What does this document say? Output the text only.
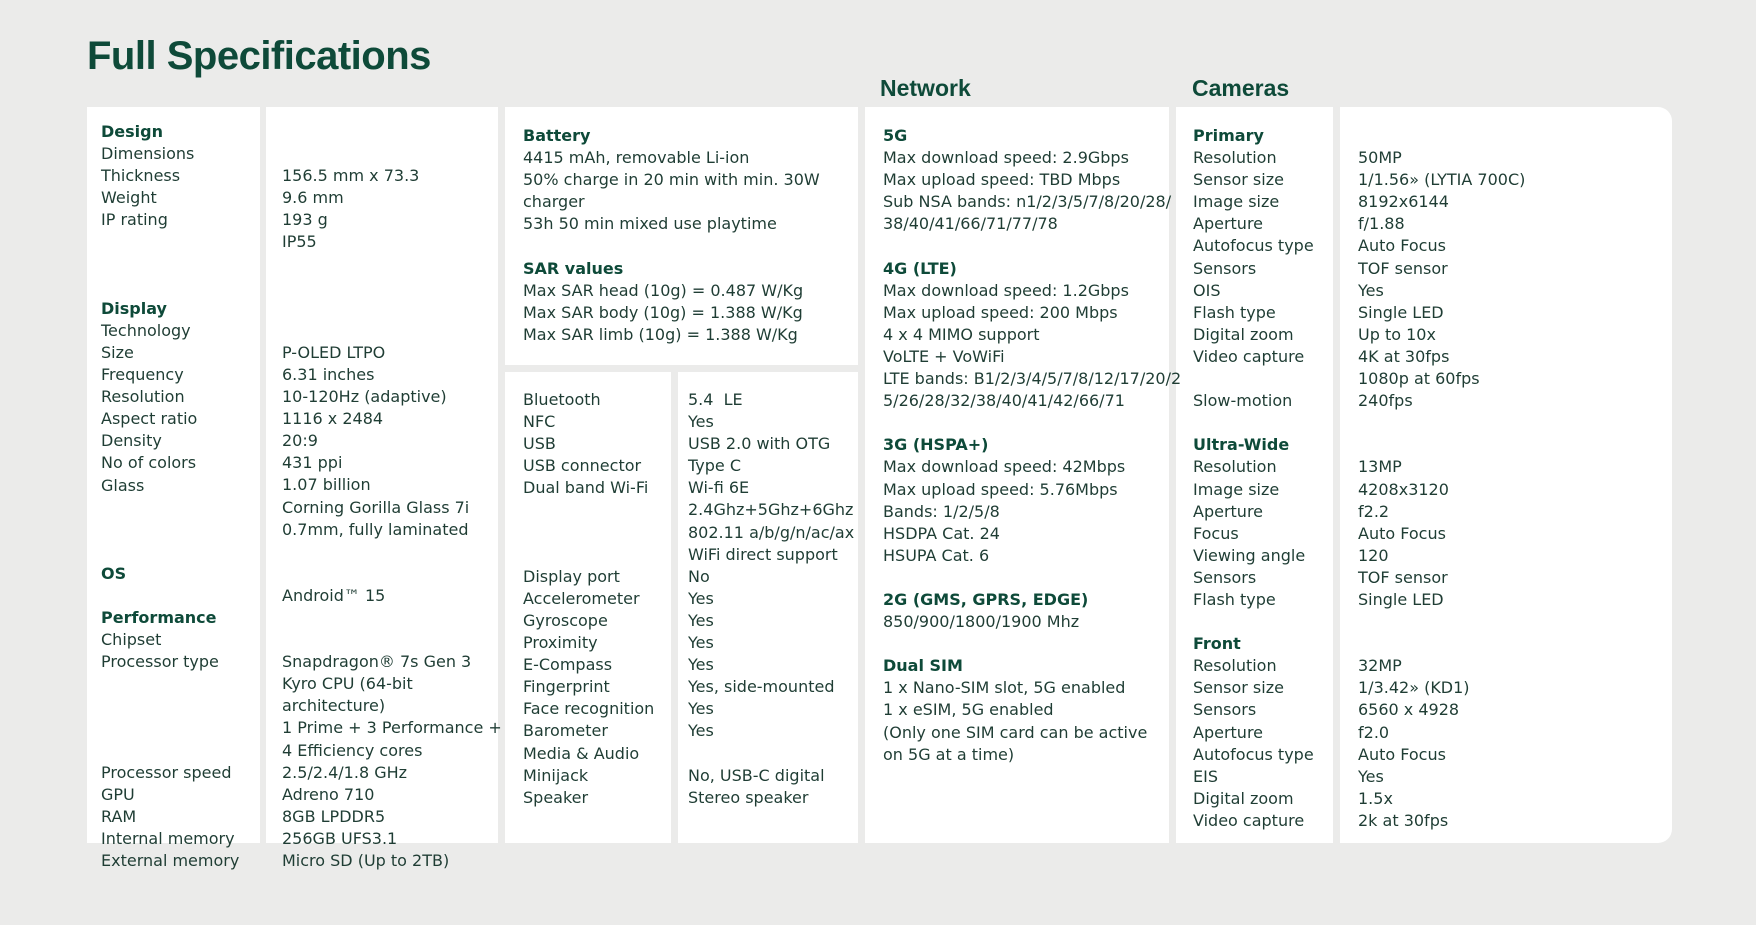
Full Specifications
Network	Cameras
Design
Dimensions
Thickness
Weight
IP rating
Display
Technology
Size
Frequency
Resolution
Aspect ratio
Density
No of colors
Glass
OS
Performance
Chipset
Processor type
Processor speed
GPU
RAM
Internal memory
External memory
156.5 mm x 73.3
9.6 mm
193 g
IP55
P-OLED LTPO
6.31 inches
10-120Hz (adaptive)
1116 x 2484
20:9
431 ppi
1.07 billion
Corning Gorilla Glass 7i
0.7mm, fully laminated
Android™ 15
Snapdragon® 7s Gen 3
Kyro CPU (64-bit
architecture)
1 Prime + 3 Performance +
4 Efficiency cores
2.5/2.4/1.8 GHz
Adreno 710
8GB LPDDR5
256GB UFS3.1
Micro SD (Up to 2TB)
Battery
4415 mAh, removable Li-ion
50% charge in 20 min with min. 30W
charger
53h 50 min mixed use playtime
SAR values
Max SAR head (10g) = 0.487 W/Kg
Max SAR body (10g) = 1.388 W/Kg
Max SAR limb (10g) = 1.388 W/Kg
Bluetooth
NFC
USB
USB connector
Dual band Wi-Fi
Display port
Accelerometer
Gyroscope
Proximity
E-Compass
Fingerprint
Face recognition
Barometer
Media & Audio
Minijack
Speaker
5.4  LE
Yes
USB 2.0 with OTG
Type C
Wi-fi 6E
2.4Ghz+5Ghz+6Ghz
802.11 a/b/g/n/ac/ax
WiFi direct support
No
Yes
Yes
Yes
Yes
Yes, side-mounted
Yes
Yes
No, USB-C digital
Stereo speaker
5G
Max download speed: 2.9Gbps
Max upload speed: TBD Mbps
Sub NSA bands: n1/2/3/5/7/8/20/28/
38/40/41/66/71/77/78
4G (LTE)
Max download speed: 1.2Gbps
Max upload speed: 200 Mbps
4 x 4 MIMO support
VoLTE + VoWiFi
LTE bands: B1/2/3/4/5/7/8/12/17/20/2
5/26/28/32/38/40/41/42/66/71
3G (HSPA+)
Max download speed: 42Mbps
Max upload speed: 5.76Mbps
Bands: 1/2/5/8
HSDPA Cat. 24
HSUPA Cat. 6
2G (GMS, GPRS, EDGE)
850/900/1800/1900 Mhz
Dual SIM
1 x Nano-SIM slot, 5G enabled
1 x eSIM, 5G enabled
(Only one SIM card can be active
on 5G at a time)
Primary
Resolution
Sensor size
Image size
Aperture
Autofocus type
Sensors
OIS
Flash type
Digital zoom
Video capture
Slow-motion
Ultra-Wide
Resolution
Image size
Aperture
Focus
Viewing angle
Sensors
Flash type
Front
Resolution
Sensor size
Sensors
Aperture
Autofocus type
EIS
Digital zoom
Video capture
50MP
1/1.56» (LYTIA 700C)
8192x6144
f/1.88
Auto Focus
TOF sensor
Yes
Single LED
Up to 10x
4K at 30fps
1080p at 60fps
240fps
13MP
4208x3120
f2.2
Auto Focus
120
TOF sensor
Single LED
32MP
1/3.42» (KD1)
6560 x 4928
f2.0
Auto Focus
Yes
1.5x
2k at 30fps
